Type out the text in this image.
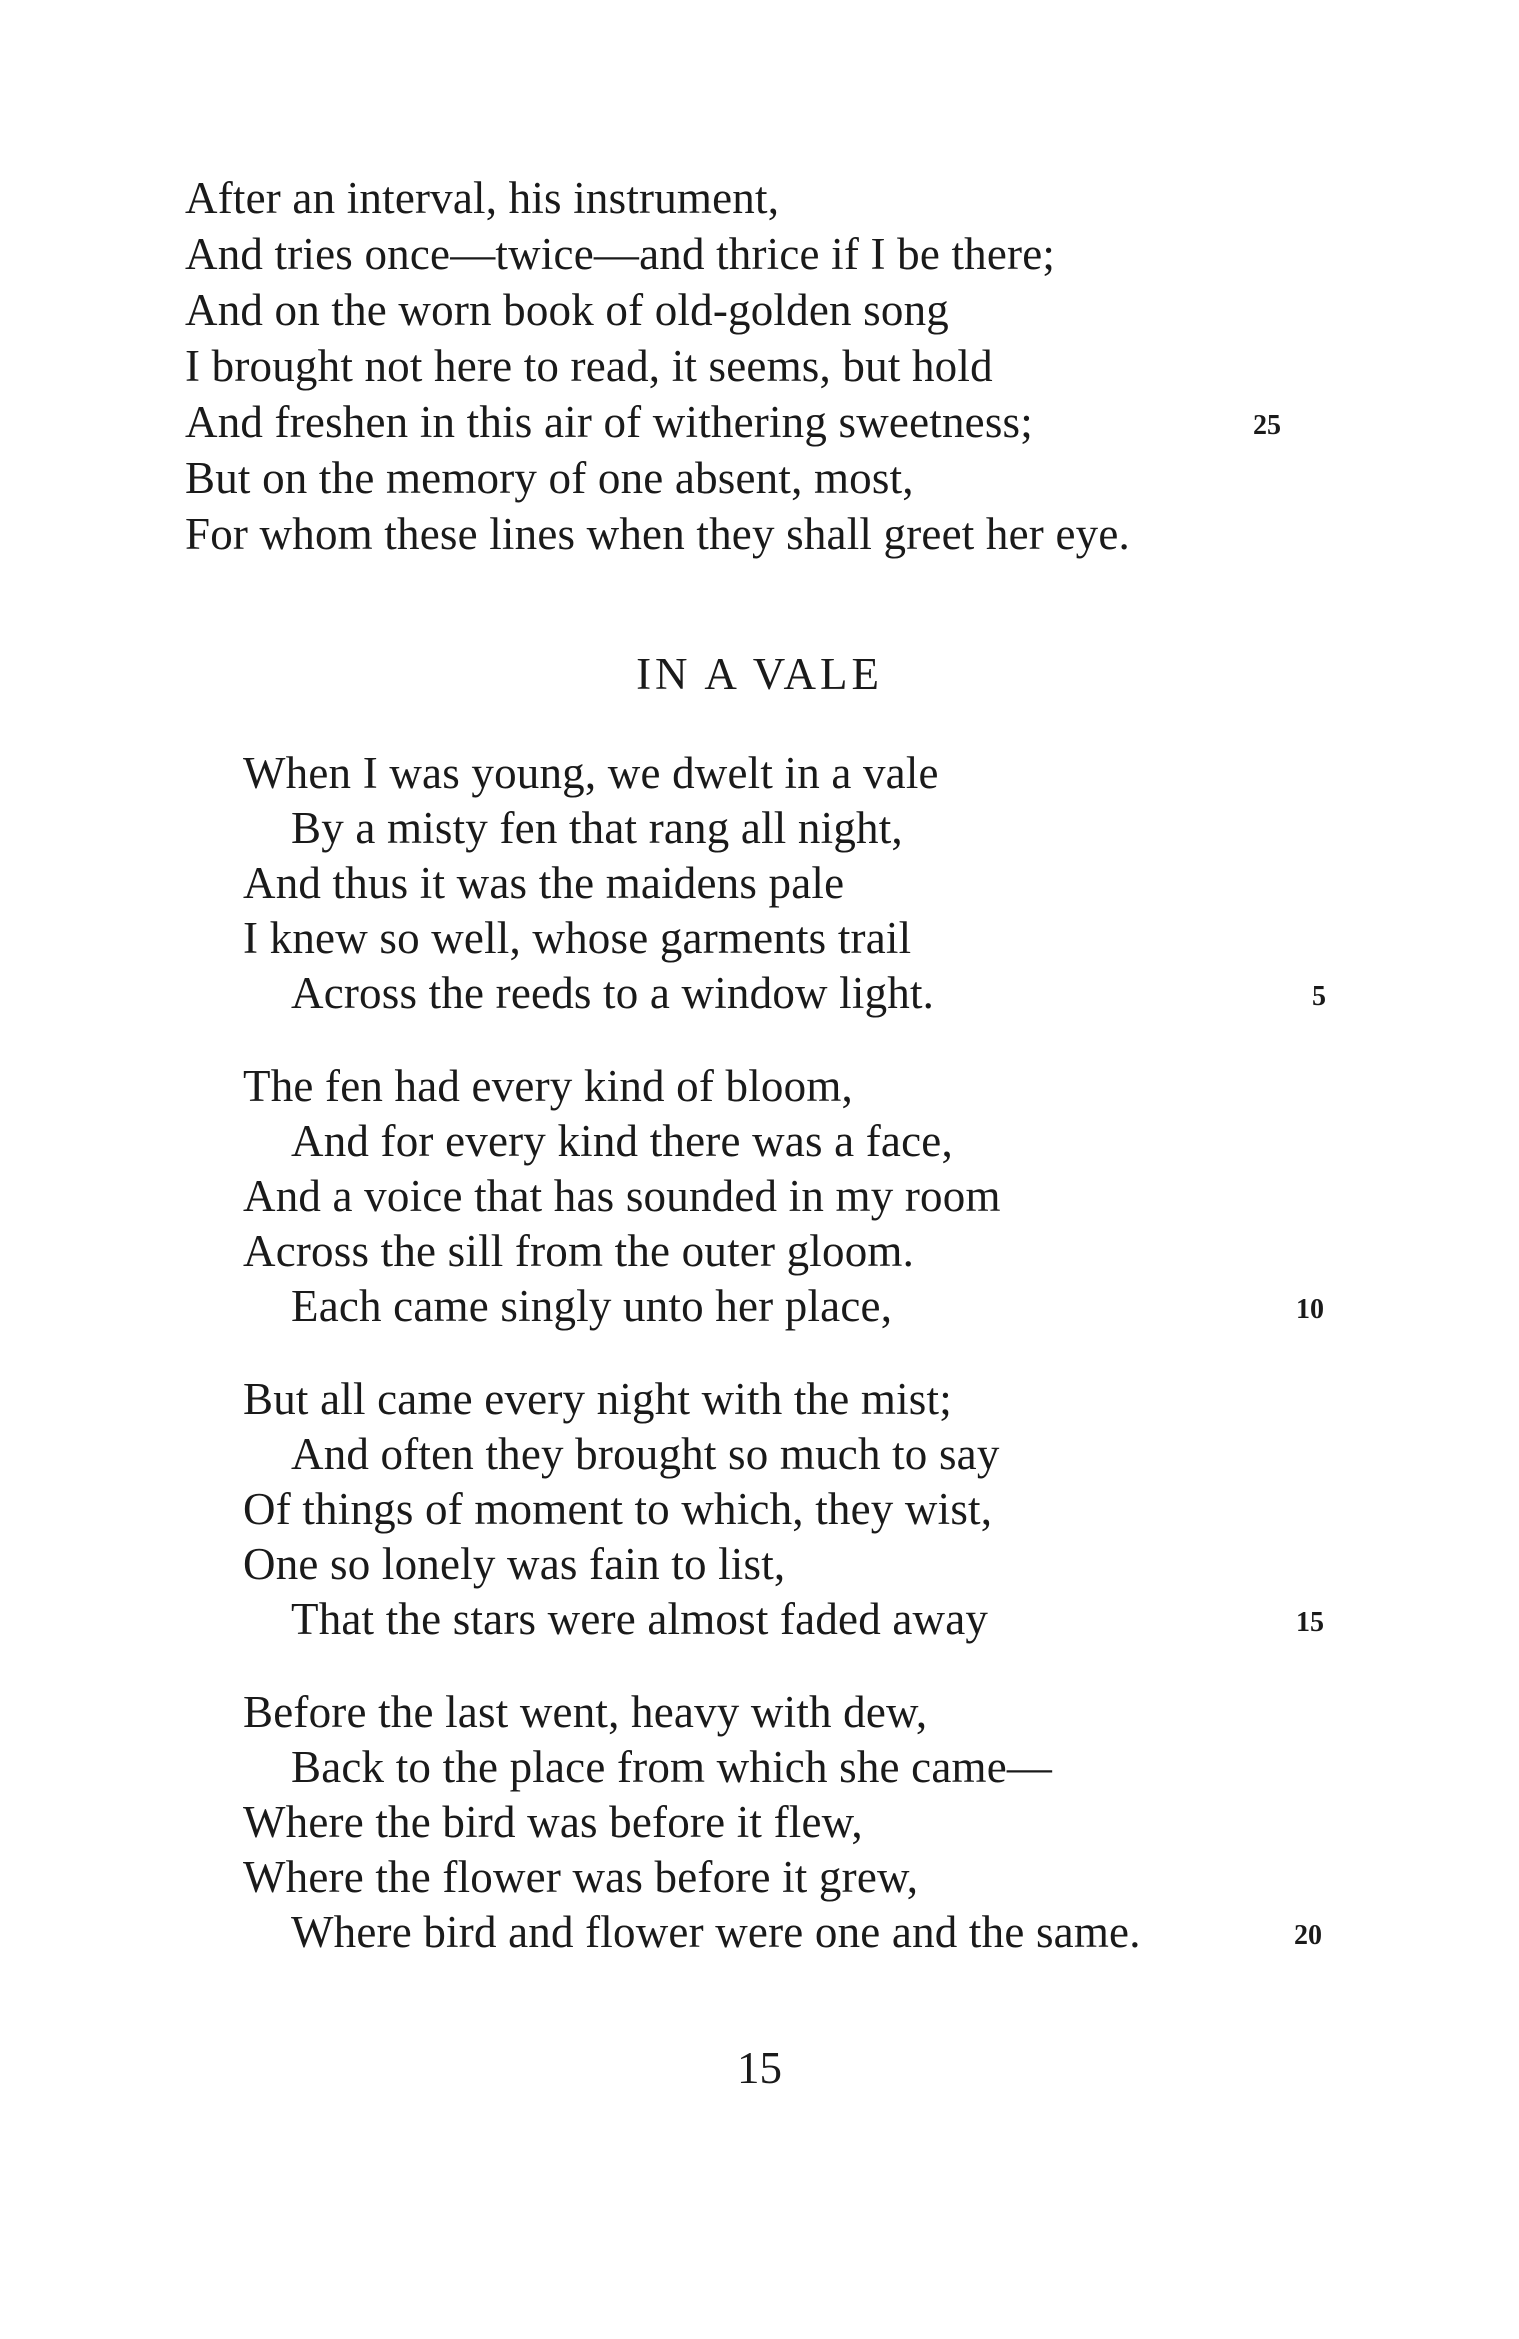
After an interval, his instrument,
And tries once—twice—and thrice if I be there;
And on the worn book of old-golden song
I brought not here to read, it seems, but hold
And freshen in this air of withering sweetness;	25
But on the memory of one absent, most,
For whom these lines when they shall greet her eye.
IN A VALE
When I was young, we dwelt in a vale
By a misty fen that rang all night,
And thus it was the maidens pale
I knew so well, whose garments trail
Across the reeds to a window light.	5
The fen had every kind of bloom,
And for every kind there was a face,
And a voice that has sounded in my room
Across the sill from the outer gloom.
Each came singly unto her place,	10
But all came every night with the mist;
And often they brought so much to say
Of things of moment to which, they wist,
One so lonely was fain to list,
That the stars were almost faded away	15
Before the last went, heavy with dew,
Back to the place from which she came—
Where the bird was before it flew,
Where the flower was before it grew,
Where bird and flower were one and the same.	20
15
